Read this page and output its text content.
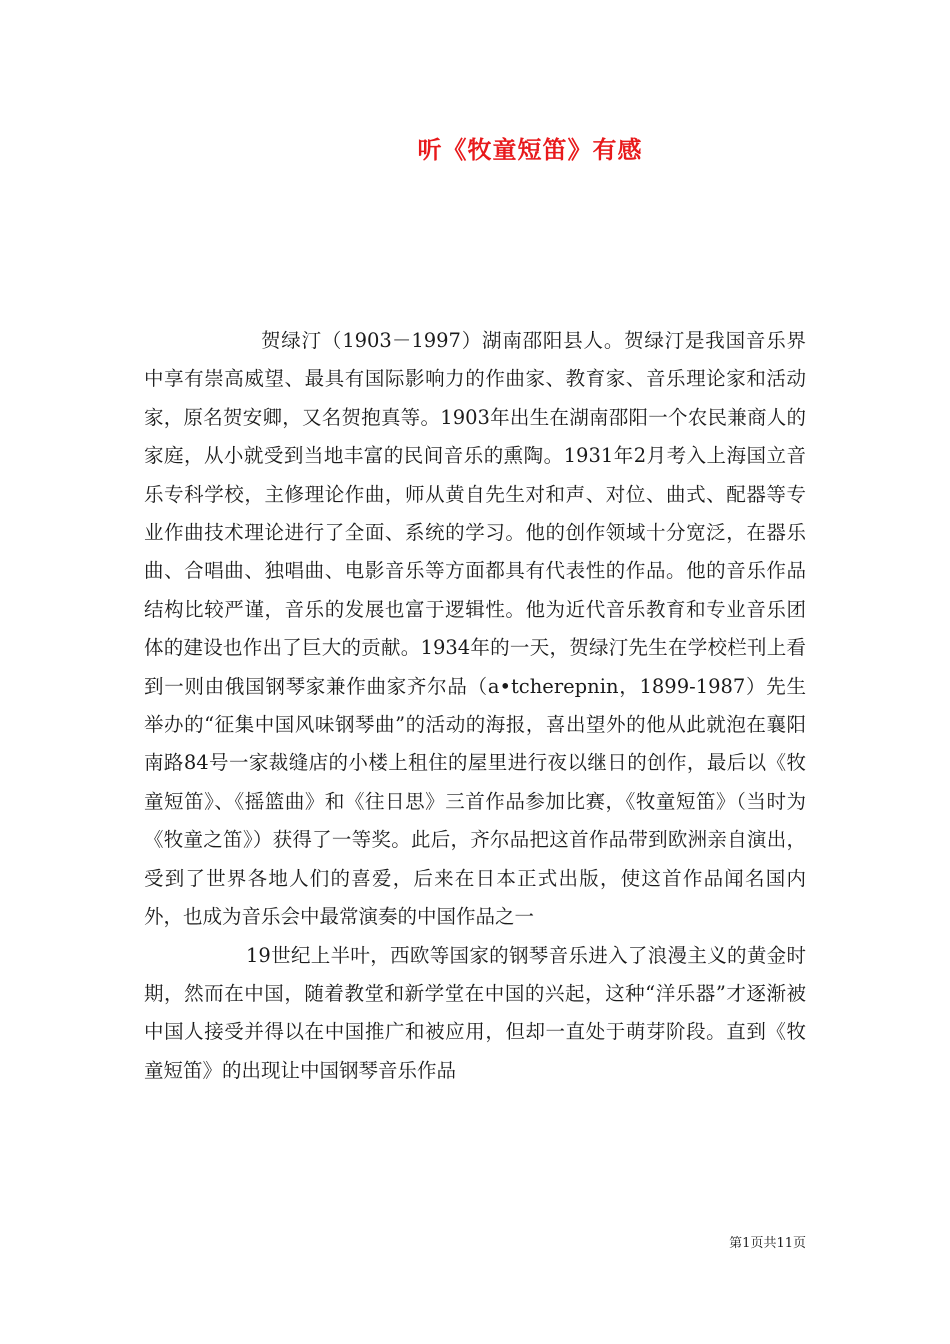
听《牧童短笛》有感

贺绿汀（1903－1997）湖南邵阳县人。贺绿汀是我国音乐界中享有崇高威望、最具有国际影响力的作曲家、教育家、音乐理论家和活动家，原名贺安卿，又名贺抱真等。1903年出生在湖南邵阳一个农民兼商人的家庭，从小就受到当地丰富的民间音乐的熏陶。1931年2月考入上海国立音乐专科学校，主修理论作曲，师从黄自先生对和声、对位、曲式、配器等专业作曲技术理论进行了全面、系统的学习。他的创作领域十分宽泛，在器乐曲、合唱曲、独唱曲、电影音乐等方面都具有代表性的作品。他的音乐作品结构比较严谨，音乐的发展也富于逻辑性。他为近代音乐教育和专业音乐团体的建设也作出了巨大的贡献。1934年的一天，贺绿汀先生在学校栏刊上看到一则由俄国钢琴家兼作曲家齐尔品（a•tcherepnin，1899-1987）先生举办的“征集中国风味钢琴曲”的活动的海报，喜出望外的他从此就泡在襄阳南路84号一家裁缝店的小楼上租住的屋里进行夜以继日的创作，最后以《牧童短笛》、《摇篮曲》和《往日思》三首作品参加比赛，《牧童短笛》（当时为《牧童之笛》）获得了一等奖。此后，齐尔品把这首作品带到欧洲亲自演出，受到了世界各地人们的喜爱，后来在日本正式出版，使这首作品闻名国内外，也成为音乐会中最常演奏的中国作品之一

19世纪上半叶，西欧等国家的钢琴音乐进入了浪漫主义的黄金时期，然而在中国，随着教堂和新学堂在中国的兴起，这种“洋乐器”才逐渐被中国人接受并得以在中国推广和被应用，但却一直处于萌芽阶段。直到《牧童短笛》的出现让中国钢琴音乐作品

第1页共11页
